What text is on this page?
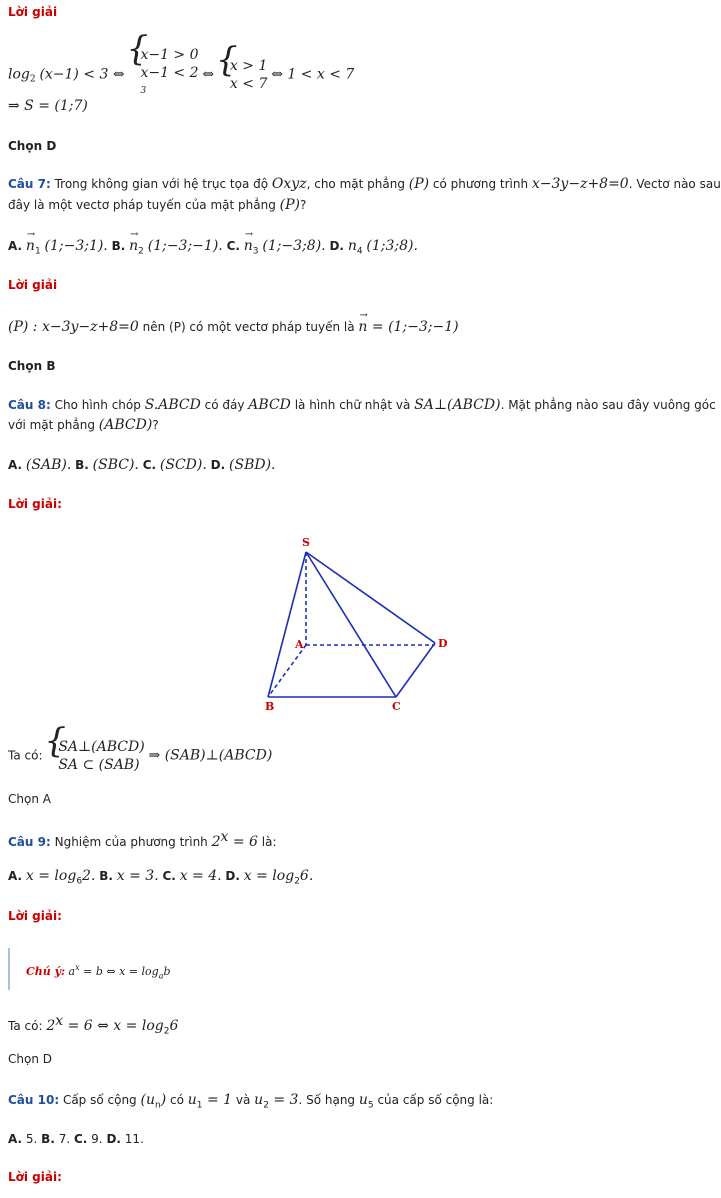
Lời giải
$\log_2 (x-1) < 3$ ⇔
{ x−1 > 0
x−1 < 2
$^3$
⇔
{ x > 1
x < 7
⇔ 1 < x < 7
⇒ S = (1;7)
Chọn D
Câu 7: Trong không gian với hệ trục tọa độ Oxyz, cho mặt phẳng (P) có phương trình x−3y−z+8=0. Vectơ nào sau
đây là một vectơ pháp tuyến của mặt phẳng (P)?
A. → $n_1$ (1;−3;1). B. → $n_2$ (1;−3;−1). C. → $n_3$ (1;−3;8). D. $n_4$ (1;3;8).
Lời giải
(P) : x−3y−z+8=0 nên (P) có một vectơ pháp tuyến là → n = (1;−3;−1)
Chọn B
Câu 8: Cho hình chóp S.ABCD có đáy ABCD là hình chữ nhật và SA⊥(ABCD). Mặt phẳng nào sau đây vuông góc
với mặt phẳng (ABCD)?
A. (SAB). B. (SBC). C. (SCD). D. (SBD).
Lời giải:
S
A
B	C
D
Ta có:
{ SA⊥(ABCD)
SA ⊂ (SAB)
⇒ (SAB)⊥(ABCD)
Chọn A
Câu 9: Nghiệm của phương trình $2^x = 6$ là:
A. $x = \log_62$. B. x = 3. C. x = 4. D. $x = \log_26$.
Lời giải:
Chú ý: $a^x = b$ ⇔ $x = \log_ab$
Ta có: $2^x = 6$ ⇔ $x = \log_26$
Chọn D
Câu 10: Cấp số cộng $(u_n)$ có $u_1 = 1$ và $u_2 = 3$. Số hạng $u_5$ của cấp số cộng là:
A. 5. B. 7. C. 9. D. 11.
Lời giải:
